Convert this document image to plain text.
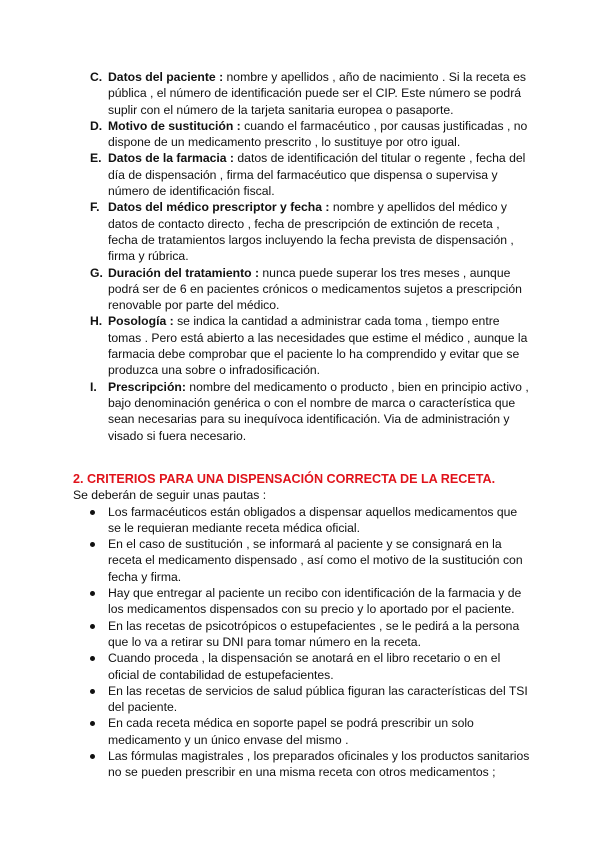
C. Datos del paciente : nombre y apellidos , año de nacimiento . Si la receta es pública , el número de identificación puede ser el CIP. Este número se podrá suplir con el número de la tarjeta sanitaria europea o pasaporte.
D. Motivo de sustitución : cuando el farmacéutico , por causas justificadas , no dispone de un medicamento prescrito , lo sustituye por otro igual.
E. Datos de la farmacia : datos de identificación del titular o regente , fecha del día de dispensación , firma del farmacéutico que dispensa o supervisa y número de identificación fiscal.
F. Datos del médico prescriptor y fecha : nombre y apellidos del médico y datos de contacto directo , fecha de prescripción de extinción de receta , fecha de tratamientos largos incluyendo la fecha prevista de dispensación , firma y rúbrica.
G. Duración del tratamiento : nunca puede superar los tres meses , aunque podrá ser de 6 en pacientes crónicos o medicamentos sujetos a prescripción renovable por parte del médico.
H. Posología : se indica la cantidad a administrar cada toma , tiempo entre tomas . Pero está abierto a las necesidades que estime el médico , aunque la farmacia debe comprobar que el paciente lo ha comprendido y evitar que se produzca una sobre o infradosificación.
I. Prescripción: nombre del medicamento o producto , bien en principio activo , bajo denominación genérica o con el nombre de marca o característica que sean necesarias para su inequívoca identificación. Via de administración y visado si fuera necesario.

2. CRITERIOS PARA UNA DISPENSACIÓN CORRECTA DE LA RECETA.

Se deberán de seguir unas pautas :

Los farmacéuticos están obligados a dispensar aquellos medicamentos que se le requieran mediante receta médica oficial.
En el caso de sustitución , se informará al paciente y se consignará en la receta el medicamento dispensado , así como el motivo de la sustitución con fecha y firma.
Hay que entregar al paciente un recibo con identificación de la farmacia y de los medicamentos dispensados con su precio y lo aportado por el paciente.
En las recetas de psicotrópicos o estupefacientes , se le pedirá a la persona que lo va a retirar su DNI para tomar número en la receta.
Cuando proceda , la dispensación se anotará en el libro recetario o en el oficial de contabilidad de estupefacientes.
En las recetas de servicios de salud pública figuran las características del TSI del paciente.
En cada receta médica en soporte papel se podrá prescribir un solo medicamento y un único envase del mismo .
Las fórmulas magistrales , los preparados oficinales y los productos sanitarios no se pueden prescribir en una misma receta con otros medicamentos ;
